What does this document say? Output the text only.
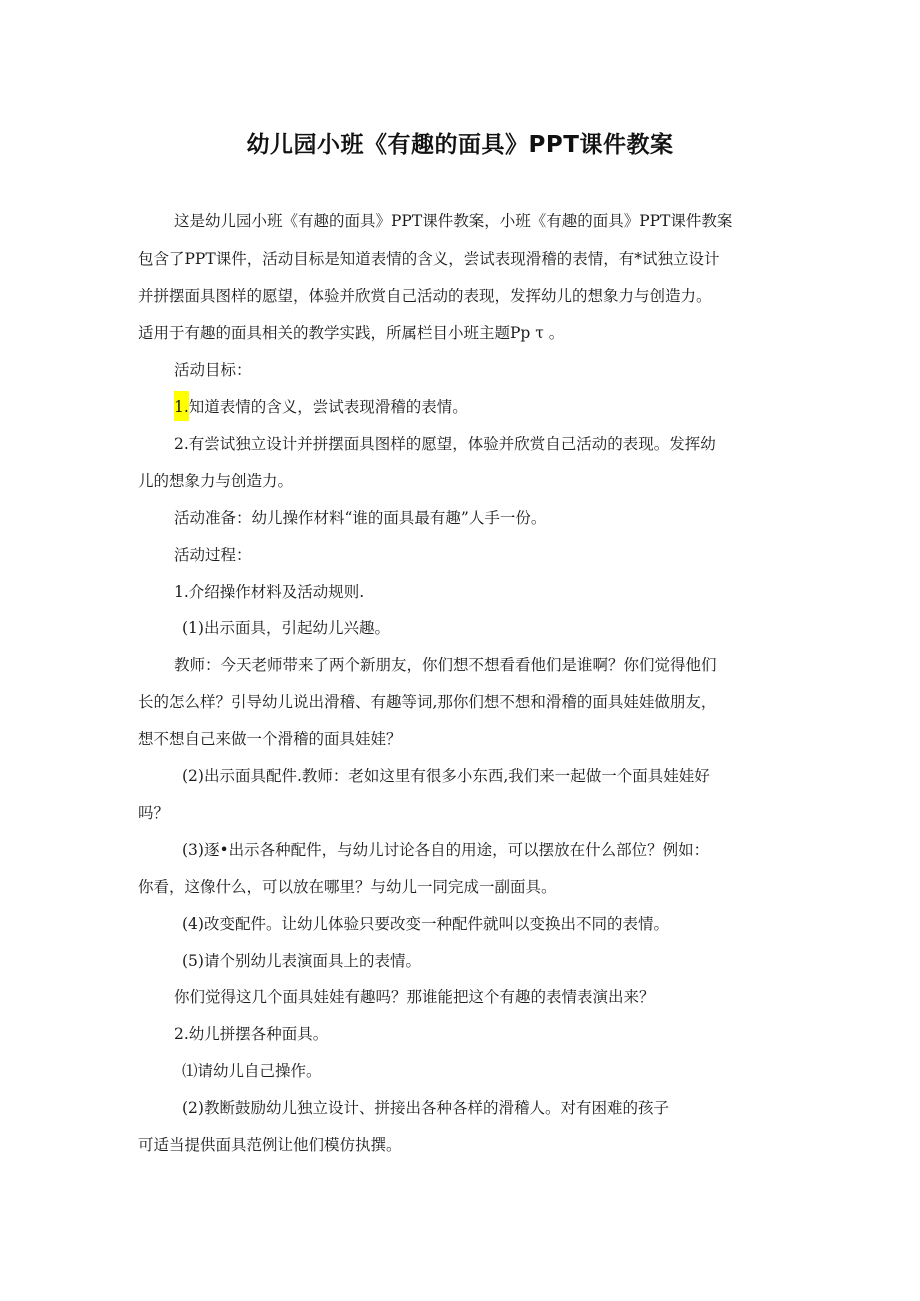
幼儿园小班《有趣的面具》PPT课件教案

这是幼儿园小班《有趣的面具》PPT课件教案，小班《有趣的面具》PPT课件教案

包含了PPT课件，活动目标是知道表情的含义，尝试表现滑稽的表情，有*试独立设计

并拼摆面具图样的愿望，体验并欣赏自己活动的表现，发挥幼儿的想象力与创造力。

适用于有趣的面具相关的教学实践，所属栏目小班主题Pp τ 。

活动目标：

1.知道表情的含义，尝试表现滑稽的表情。

2.有尝试独立设计并拼摆面具图样的愿望，体验并欣赏自己活动的表现。发挥幼

儿的想象力与创造力。

活动准备：幼儿操作材料“谁的面具最有趣”人手一份。

活动过程：

1.介绍操作材料及活动规则.

(1)出示面具，引起幼儿兴趣。

教师：今天老师带来了两个新朋友，你们想不想看看他们是谁啊？你们觉得他们

长的怎么样？引导幼儿说出滑稽、有趣等词,那你们想不想和滑稽的面具娃娃做朋友，

想不想自己来做一个滑稽的面具娃娃？

(2)出示面具配件.教师：老如这里有很多小东西,我们来一起做一个面具娃娃好

吗？

(3)逐•出示各种配件，与幼儿讨论各自的用途，可以摆放在什么部位？例如：

你看，这像什么，可以放在哪里？与幼儿一同完成一副面具。

(4)改变配件。让幼儿体验只要改变一种配件就叫以变换出不同的表情。

(5)请个别幼儿表演面具上的表情。

你们觉得这几个面具娃娃有趣吗？那谁能把这个有趣的表情表演出来？

2.幼儿拼摆各种面具。

⑴请幼儿自己操作。

(2)教断鼓励幼儿独立设计、拼接出各种各样的滑稽人。对有困难的孩子

可适当提供面具范例让他们模仿执撰。
